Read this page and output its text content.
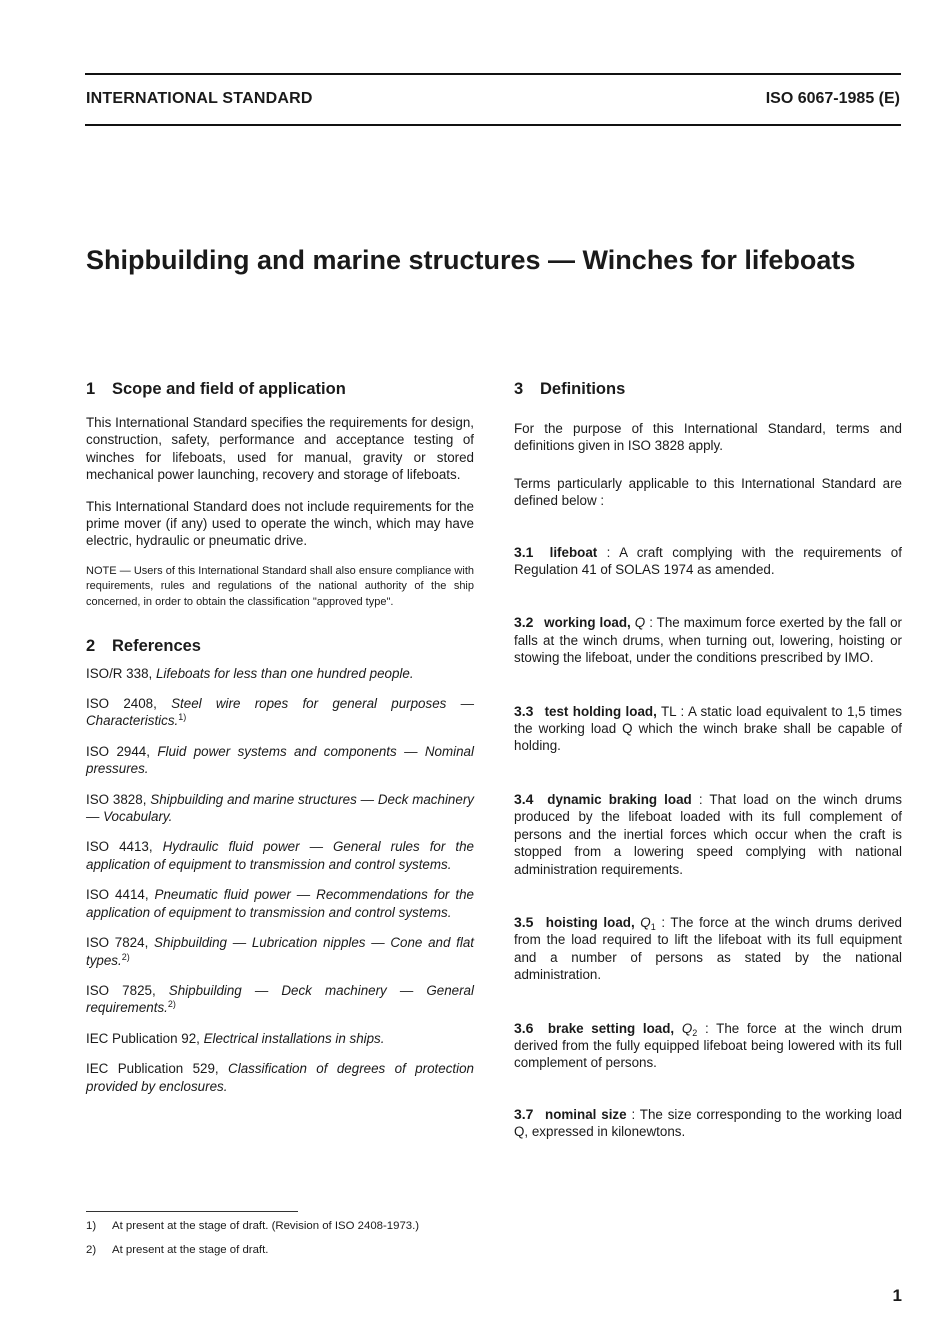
INTERNATIONAL STANDARD	ISO 6067-1985 (E)
Shipbuilding and marine structures — Winches for lifeboats
1 Scope and field of application

This International Standard specifies the requirements for design, construction, safety, performance and acceptance testing of winches for lifeboats, used for manual, gravity or stored mechanical power launching, recovery and storage of lifeboats.

This International Standard does not include requirements for the prime mover (if any) used to operate the winch, which may have electric, hydraulic or pneumatic drive.

NOTE — Users of this International Standard shall also ensure compliance with requirements, rules and regulations of the national authority of the ship concerned, in order to obtain the classification "approved type".

2 References

ISO/R 338, Lifeboats for less than one hundred people.

ISO 2408, Steel wire ropes for general purposes — Characteristics.$^{1)}$

ISO 2944, Fluid power systems and components — Nominal pressures.

ISO 3828, Shipbuilding and marine structures — Deck machinery — Vocabulary.

ISO 4413, Hydraulic fluid power — General rules for the application of equipment to transmission and control systems.

ISO 4414, Pneumatic fluid power — Recommendations for the application of equipment to transmission and control systems.

ISO 7824, Shipbuilding — Lubrication nipples — Cone and flat types.$^{2)}$

ISO 7825, Shipbuilding — Deck machinery — General requirements.$^{2)}$

IEC Publication 92, Electrical installations in ships.

IEC Publication 529, Classification of degrees of protection provided by enclosures.

3 Definitions

For the purpose of this International Standard, terms and definitions given in ISO 3828 apply.

Terms particularly applicable to this International Standard are defined below :

3.1  lifeboat : A craft complying with the requirements of Regulation 41 of SOLAS 1974 as amended.

3.2  working load, Q : The maximum force exerted by the fall or falls at the winch drums, when turning out, lowering, hoisting or stowing the lifeboat, under the conditions prescribed by IMO.

3.3  test holding load, TL : A static load equivalent to 1,5 times the working load Q which the winch brake shall be capable of holding.

3.4  dynamic braking load : That load on the winch drums produced by the lifeboat loaded with its full complement of persons and the inertial forces which occur when the craft is stopped from a lowering speed complying with national administration requirements.

3.5  hoisting load, $Q_1$ : The force at the winch drums derived from the load required to lift the lifeboat with its full equipment and a number of persons as stated by the national administration.

3.6  brake setting load, $Q_2$ : The force at the winch drum derived from the fully equipped lifeboat being lowered with its full complement of persons.

3.7  nominal size : The size corresponding to the working load Q, expressed in kilonewtons.

1) At present at the stage of draft. (Revision of ISO 2408-1973.)
2) At present at the stage of draft.
1
